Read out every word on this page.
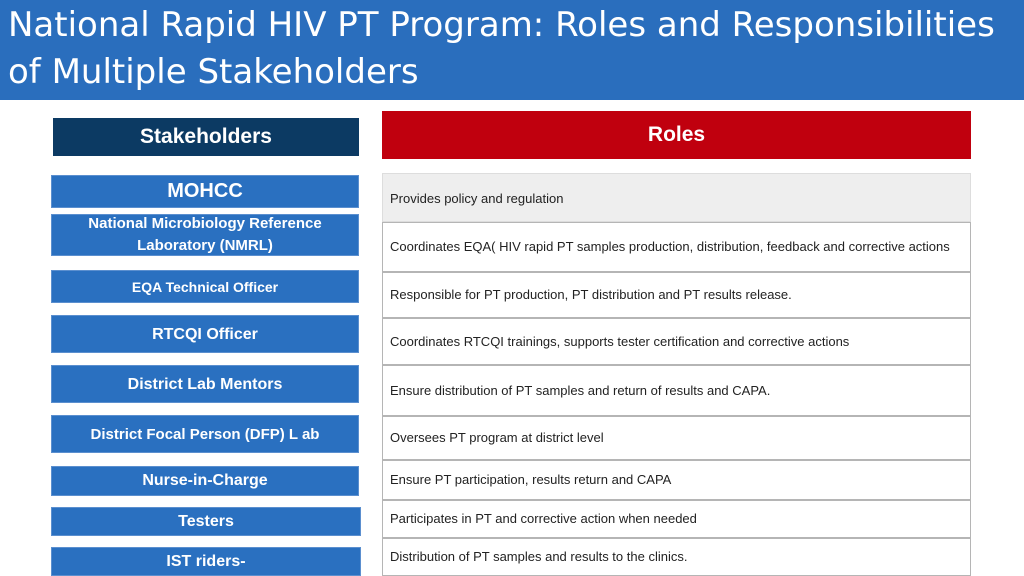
National Rapid HIV PT Program: Roles and Responsibilities of Multiple Stakeholders
Stakeholders	Roles
MOHCC
National Microbiology Reference Laboratory (NMRL)
EQA Technical Officer
RTCQI Officer
District Lab Mentors
District Focal Person (DFP) L ab
Nurse-in-Charge
Testers
IST riders-
Provides policy and regulation
Coordinates EQA( HIV rapid PT samples production, distribution, feedback and corrective actions
Responsible for PT production, PT distribution and PT results release.
Coordinates RTCQI trainings, supports tester certification and corrective actions
Ensure distribution of PT samples and return of results and CAPA.
Oversees PT program at district level
Ensure PT participation, results return and CAPA
Participates in PT and corrective action when needed
Distribution of PT samples and results to the clinics.
